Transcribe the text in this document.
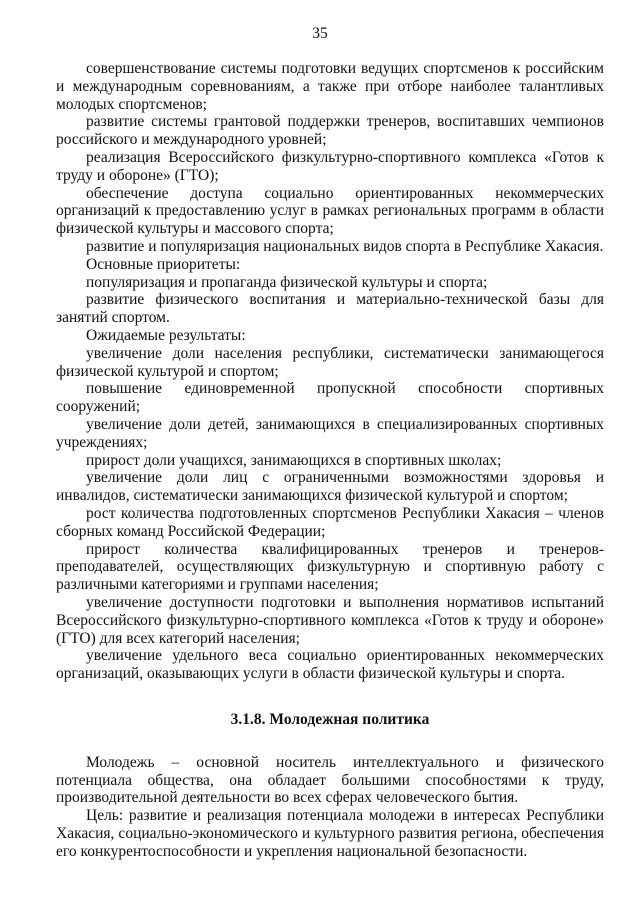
35

совершенствование системы подготовки ведущих спортсменов к российским и международным соревнованиям, а также при отборе наиболее талантливых молодых спортсменов;

развитие системы грантовой поддержки тренеров, воспитавших чемпионов российского и международного уровней;

реализация Всероссийского физкультурно-спортивного комплекса «Готов к труду и обороне» (ГТО);

обеспечение доступа социально ориентированных некоммерческих организаций к предоставлению услуг в рамках региональных программ в области физической культуры и массового спорта;

развитие и популяризация национальных видов спорта в Республике Хакасия.

Основные приоритеты:

популяризация и пропаганда физической культуры и спорта;

развитие физического воспитания и материально-технической базы для занятий спортом.

Ожидаемые результаты:

увеличение доли населения республики, систематически занимающегося физической культурой и спортом;

повышение единовременной пропускной способности спортивных сооружений;

увеличение доли детей, занимающихся в специализированных спортивных учреждениях;

прирост доли учащихся, занимающихся в спортивных школах;

увеличение доли лиц с ограниченными возможностями здоровья и инвалидов, систематически занимающихся физической культурой и спортом;

рост количества подготовленных спортсменов Республики Хакасия – членов сборных команд Российской Федерации;

прирост количества квалифицированных тренеров и тренеров-преподавателей, осуществляющих физкультурную и спортивную работу с различными категориями и группами населения;

увеличение доступности подготовки и выполнения нормативов испытаний Всероссийского физкультурно-спортивного комплекса «Готов к труду и обороне» (ГТО) для всех категорий населения;

увеличение удельного веса социально ориентированных некоммерческих организаций, оказывающих услуги в области физической культуры и спорта.

3.1.8. Молодежная политика

Молодежь – основной носитель интеллектуального и физического потенциала общества, она обладает большими способностями к труду, производительной деятельности во всех сферах человеческого бытия.

Цель: развитие и реализация потенциала молодежи в интересах Республики Хакасия, социально-экономического и культурного развития региона, обеспечения его конкурентоспособности и укрепления национальной безопасности.
